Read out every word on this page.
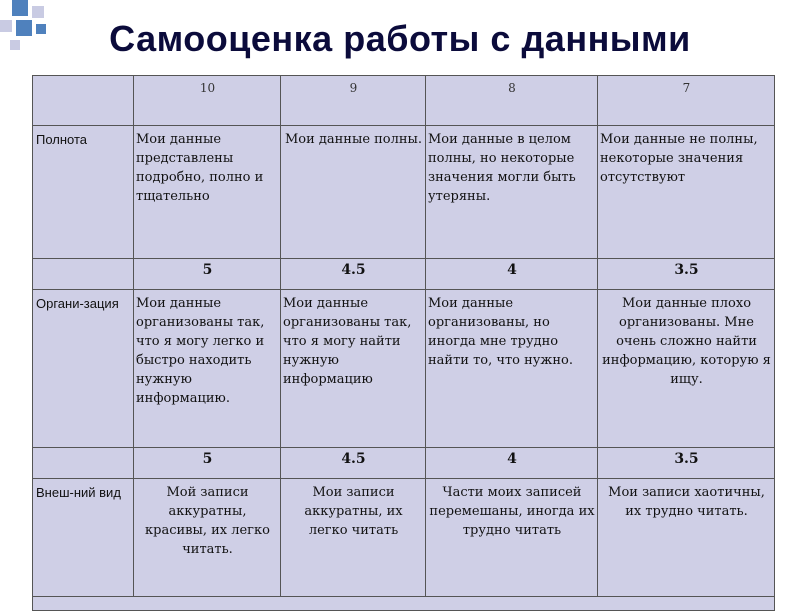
Самооценка работы с данными
	10	9	8	7
Полнота	Мои данные представлены подробно, полно и тщательно	Мои данные полны.	Мои данные в целом полны, но некоторые значения могли быть утеряны.	Мои данные не полны, некоторые значения отсутствуют
	5	4.5	4	3.5
Органи-зация	Мои данные организованы так, что я могу легко и быстро находить нужную информацию.	Мои данные организованы так, что я могу найти нужную информацию	Мои данные организованы, но иногда мне трудно найти то, что нужно.	Мои данные плохо организованы. Мне очень сложно найти информацию, которую я ищу.
	5	4.5	4	3.5
Внеш-ний вид	Мой записи аккуратны, красивы, их легко читать.	Мои записи аккуратны, их легко читать	Части моих записей перемешаны, иногда их трудно читать	Мои записи хаотичны, их трудно читать.
